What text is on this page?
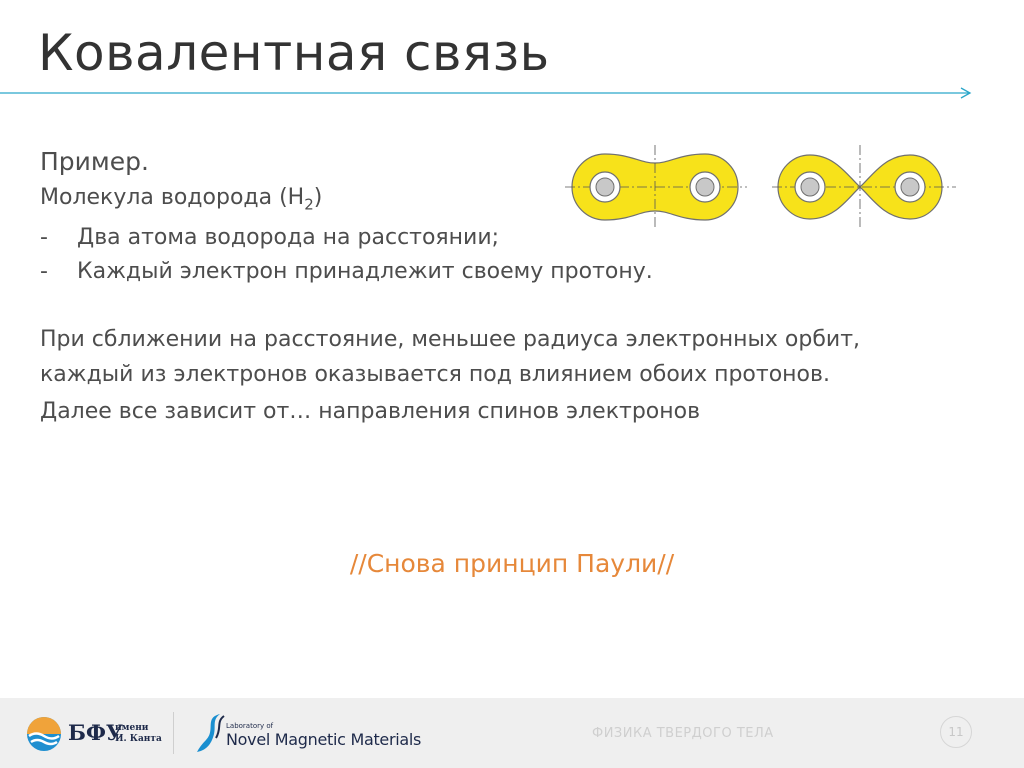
Ковалентная связь
Пример.
Молекула водорода $(H_2)$
-	Два атома водорода на расстоянии;
-	Каждый электрон принадлежит своему протону.
При сближении на расстояние, меньшее радиуса электронных орбит,
каждый из электронов оказывается под влиянием обоих протонов.
Далее все зависит от… направления спинов электронов
//Снова принцип Паули//
БФУ
имени
И. Канта
Laboratory of
Novel Magnetic Materials	ФИЗИКА ТВЕРДОГО ТЕЛА	11
